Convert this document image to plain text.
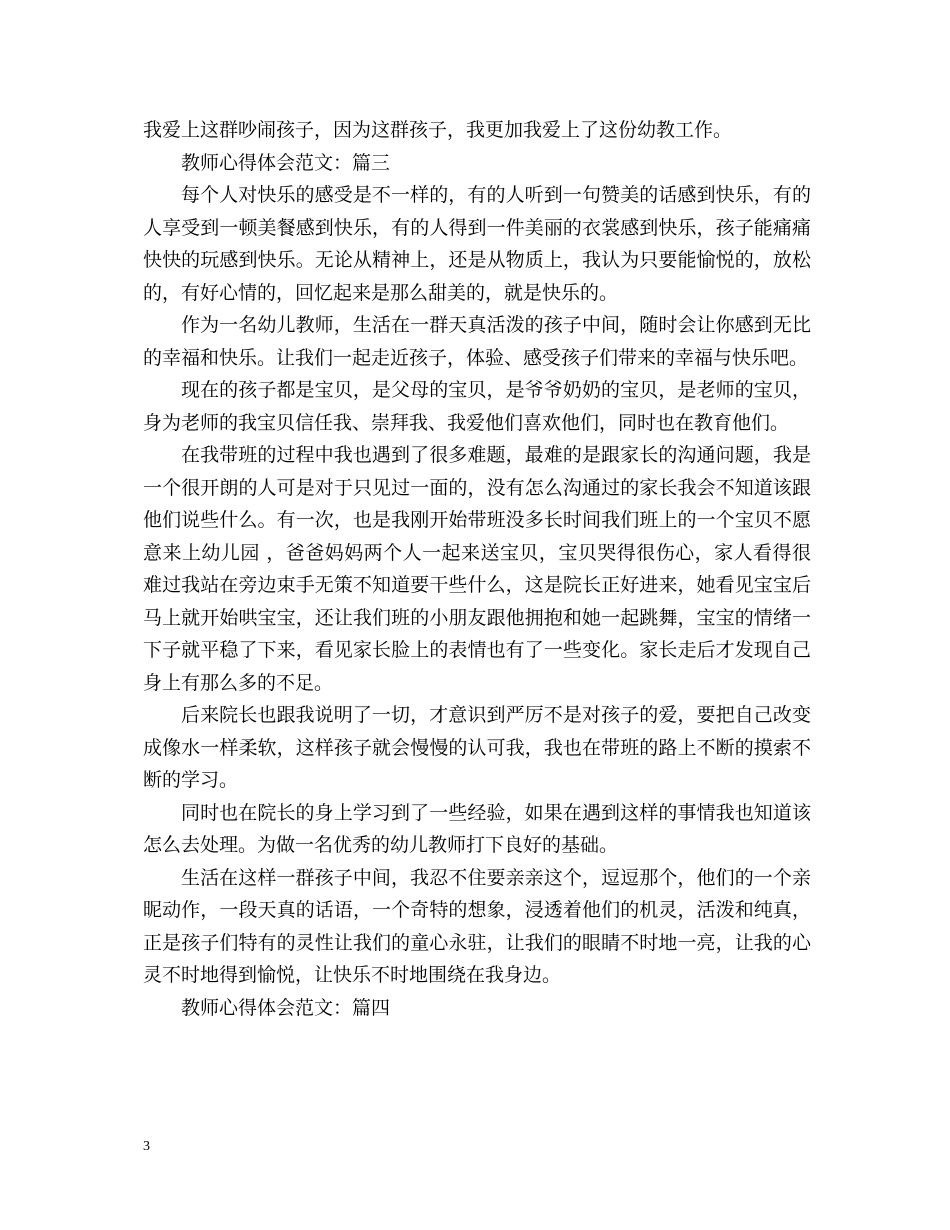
我爱上这群吵闹孩子，因为这群孩子，我更加我爱上了这份幼教工作。

教师心得体会范文：篇三

每个人对快乐的感受是不一样的，有的人听到一句赞美的话感到快乐，有的人享受到一顿美餐感到快乐，有的人得到一件美丽的衣裳感到快乐，孩子能痛痛快快的玩感到快乐。无论从精神上，还是从物质上，我认为只要能愉悦的，放松的，有好心情的，回忆起来是那么甜美的，就是快乐的。

作为一名幼儿教师，生活在一群天真活泼的孩子中间，随时会让你感到无比的幸福和快乐。让我们一起走近孩子，体验、感受孩子们带来的幸福与快乐吧。

现在的孩子都是宝贝，是父母的宝贝，是爷爷奶奶的宝贝，是老师的宝贝，身为老师的我宝贝信任我、崇拜我、我爱他们喜欢他们，同时也在教育他们。

在我带班的过程中我也遇到了很多难题，最难的是跟家长的沟通问题，我是一个很开朗的人可是对于只见过一面的，没有怎么沟通过的家长我会不知道该跟他们说些什么。有一次，也是我刚开始带班没多长时间我们班上的一个宝贝不愿意来上幼儿园 ，爸爸妈妈两个人一起来送宝贝，宝贝哭得很伤心，家人看得很难过我站在旁边束手无策不知道要干些什么，这是院长正好进来，她看见宝宝后马上就开始哄宝宝，还让我们班的小朋友跟他拥抱和她一起跳舞，宝宝的情绪一下子就平稳了下来，看见家长脸上的表情也有了一些变化。家长走后才发现自己身上有那么多的不足。

后来院长也跟我说明了一切，才意识到严厉不是对孩子的爱，要把自己改变成像水一样柔软，这样孩子就会慢慢的认可我，我也在带班的路上不断的摸索不断的学习。

同时也在院长的身上学习到了一些经验，如果在遇到这样的事情我也知道该怎么去处理。为做一名优秀的幼儿教师打下良好的基础。

生活在这样一群孩子中间，我忍不住要亲亲这个，逗逗那个，他们的一个亲昵动作，一段天真的话语，一个奇特的想象，浸透着他们的机灵，活泼和纯真，正是孩子们特有的灵性让我们的童心永驻，让我们的眼睛不时地一亮，让我的心灵不时地得到愉悦，让快乐不时地围绕在我身边。

教师心得体会范文：篇四

3
